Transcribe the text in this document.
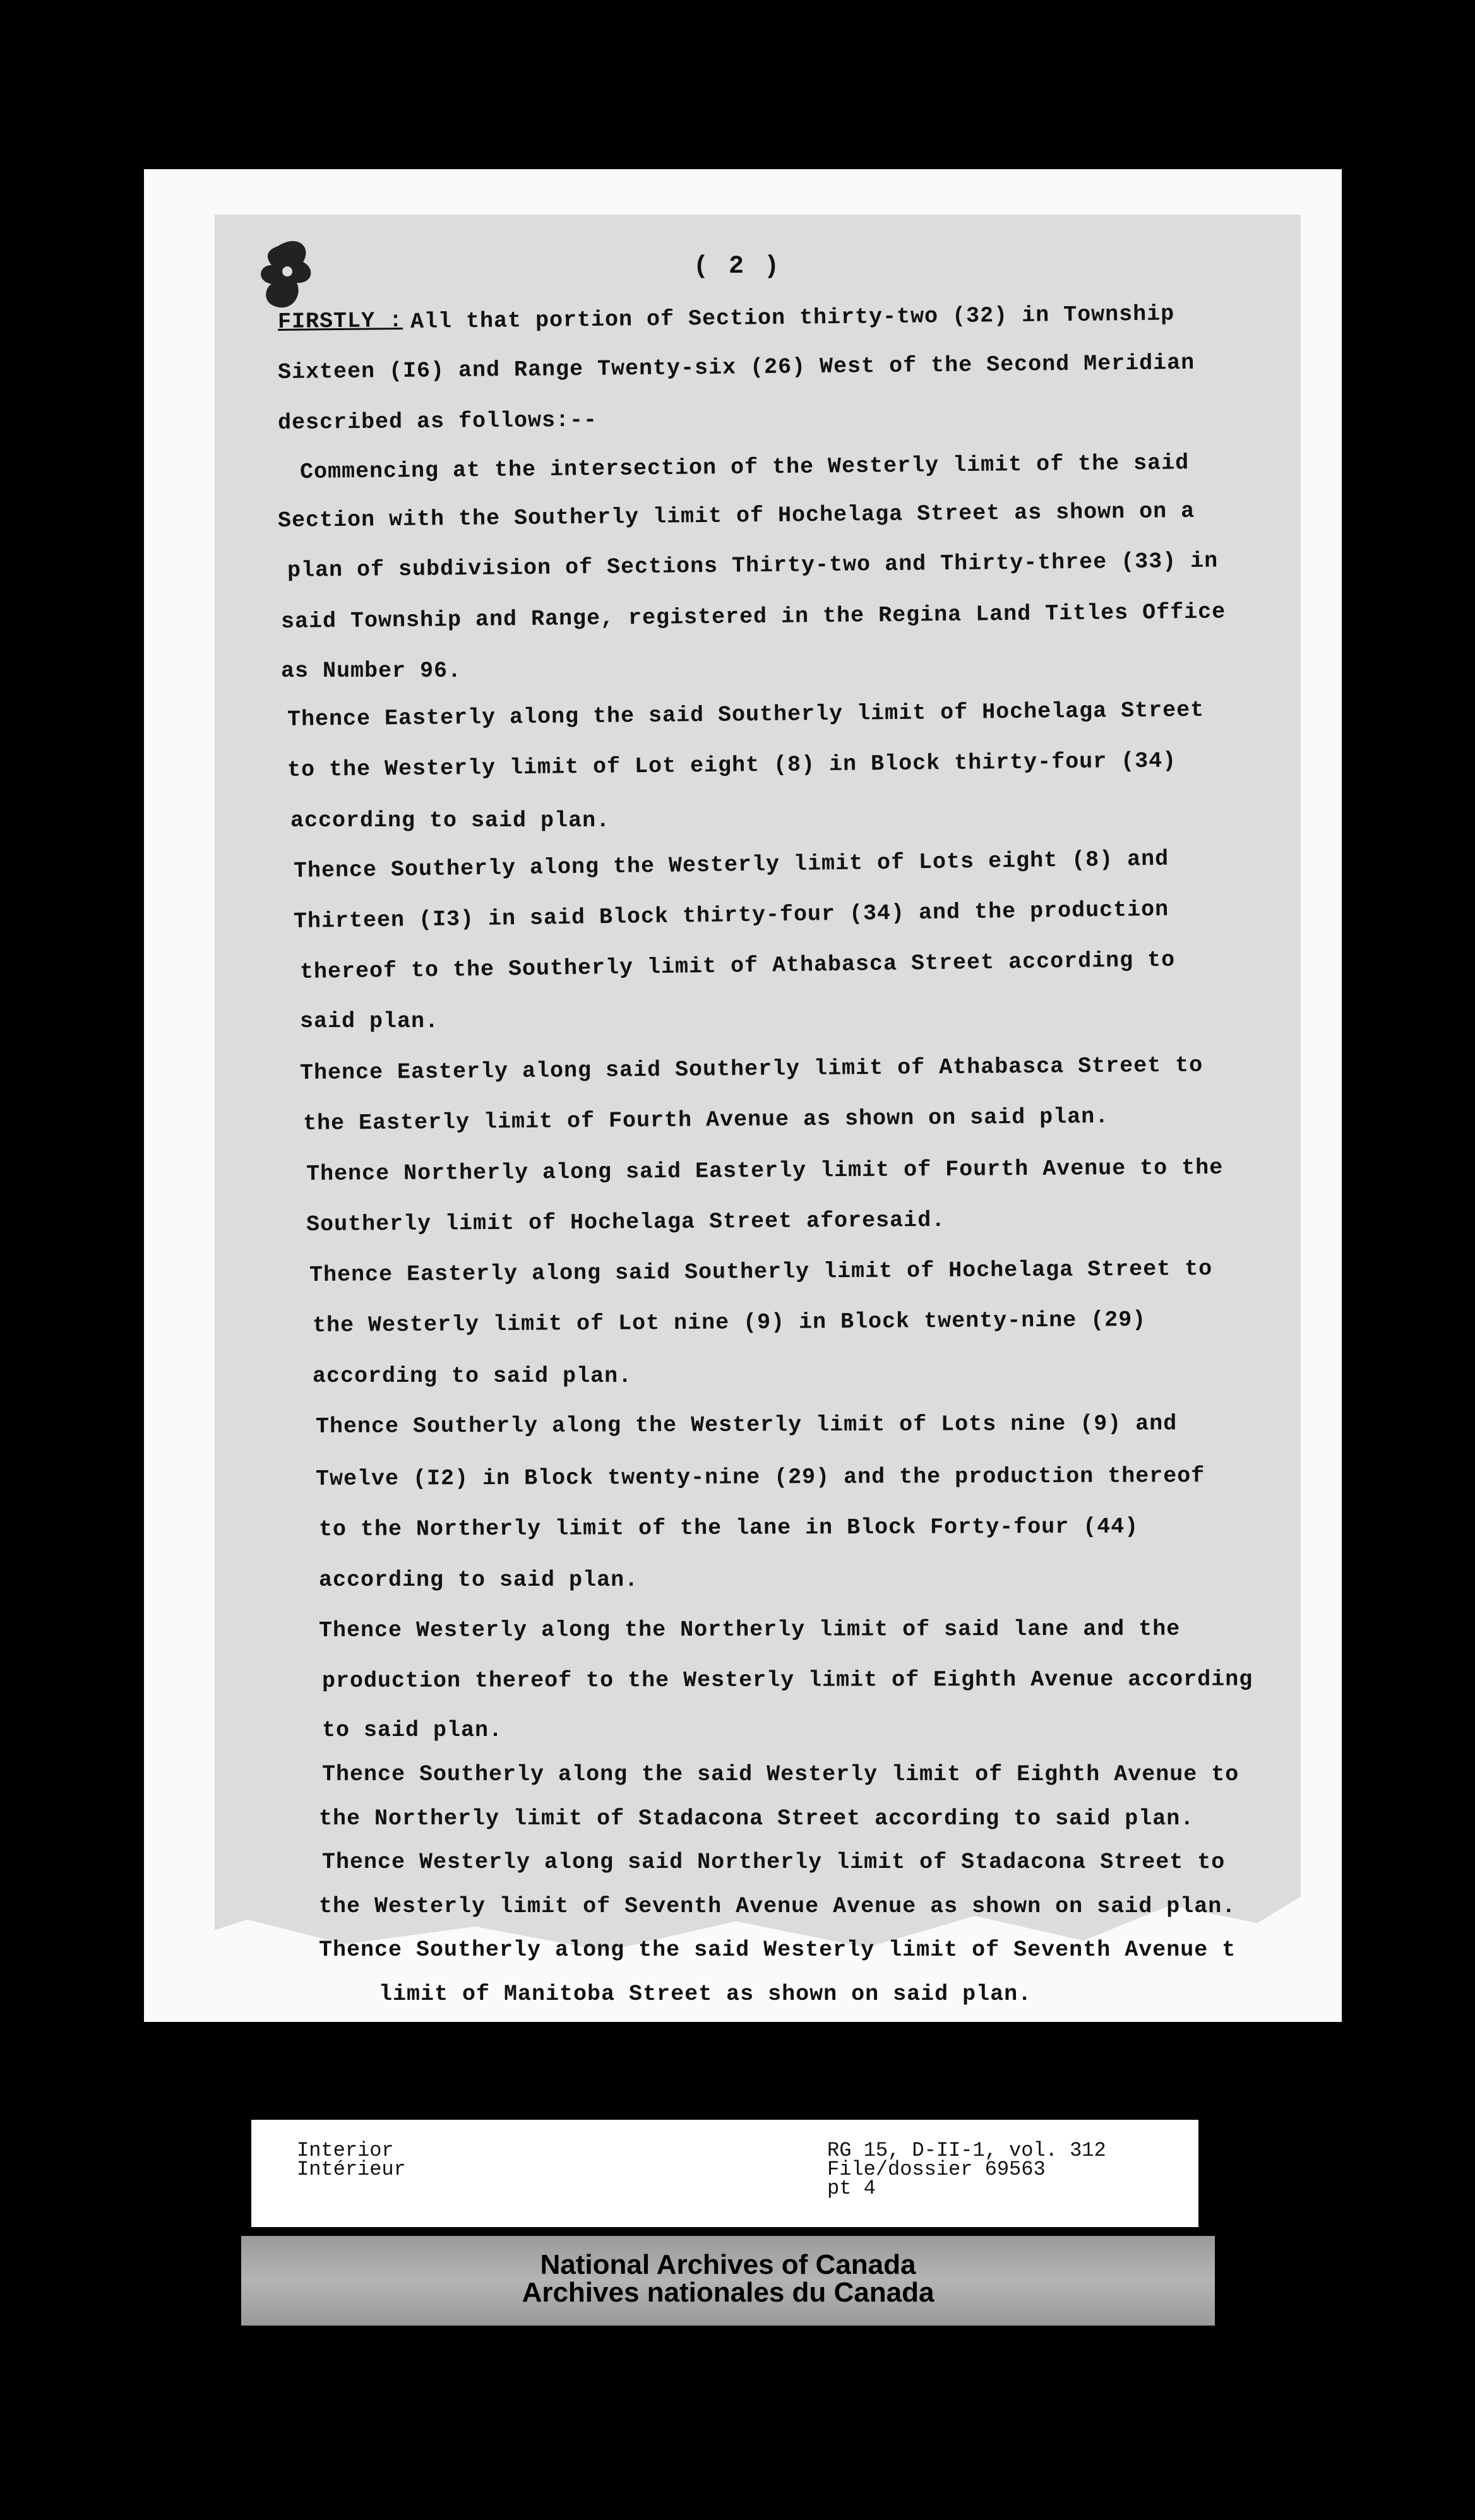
( 2 )
FIRSTLY : All that portion of Section thirty-two (32) in Township
Sixteen (I6) and Range Twenty-six (26) West of the Second Meridian
described as follows:--
Commencing at the intersection of the Westerly limit of the said
Section with the Southerly limit of Hochelaga Street as shown on a
plan of subdivision of Sections Thirty-two and Thirty-three (33) in
said Township and Range, registered in the Regina Land Titles Office
as Number 96.
Thence Easterly along the said Southerly limit of Hochelaga Street
to the Westerly limit of Lot eight (8) in Block thirty-four (34)
according to said plan.
Thence Southerly along the Westerly limit of Lots eight (8) and
Thirteen (I3) in said Block thirty-four (34) and the production
thereof to the Southerly limit of Athabasca Street according to
said plan.
Thence Easterly along said Southerly limit of Athabasca Street to
the Easterly limit of Fourth Avenue as shown on said plan.
Thence Northerly along said Easterly limit of Fourth Avenue to the
Southerly limit of Hochelaga Street aforesaid.
Thence Easterly along said Southerly limit of Hochelaga Street to
the Westerly limit of Lot nine (9) in Block twenty-nine (29)
according to said plan.
Thence Southerly along the Westerly limit of Lots nine (9) and
Twelve (I2) in Block twenty-nine (29) and the production thereof
to the Northerly limit of the lane in Block Forty-four (44)
according to said plan.
Thence Westerly along the Northerly limit of said lane and the
production thereof to the Westerly limit of Eighth Avenue according
to said plan.
Thence Southerly along the said Westerly limit of Eighth Avenue to
the Northerly limit of Stadacona Street according to said plan.
Thence Westerly along said Northerly limit of Stadacona Street to
the Westerly limit of Seventh Avenue Avenue as shown on said plan.
Thence Southerly along the said Westerly limit of Seventh Avenue t
limit of Manitoba Street as shown on said plan.
Interior
Intérieur
RG 15, D-II-1, vol. 312
File/dossier 69563
pt 4
National Archives of Canada
Archives nationales du Canada
